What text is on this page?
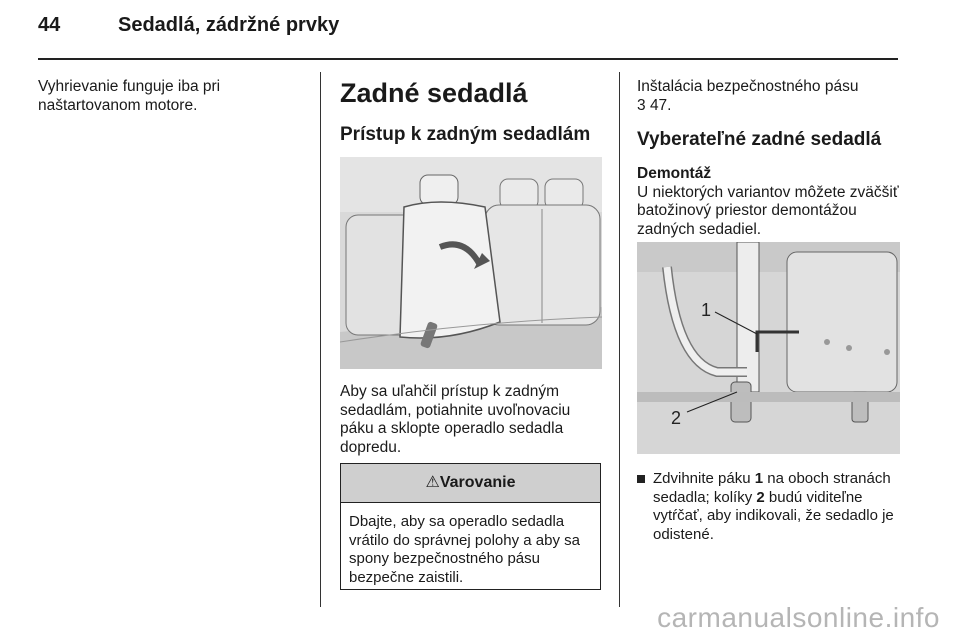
44	Sedadlá, zádržné prvky

Vyhrievanie funguje iba pri naštartovanom motore.	Zadné sedadlá
Prístup k zadným sedadlám

Aby sa uľahčil prístup k zadným sedadlám, potiahnite uvoľnovaciu páku a sklopte operadlo sedadla dopredu.

⚠Varovanie
Dbajte, aby sa operadlo sedadla vrátilo do správnej polohy a aby sa spony bezpečnostného pásu bezpečne zaistili.

Inštalácia bezpečnostného pásu
3 47.

Vyberateľné zadné sedadlá
Demontáž

U niektorých variantov môžete zväčšiť batožinový priestor demontážou zadných sedadiel.

1
2
Zdvihnite páku 1 na oboch stranách sedadla; kolíky 2 budú viditeľne vytŕčať, aby indikovali, že sedadlo je odistené.
carmanualsonline.info
